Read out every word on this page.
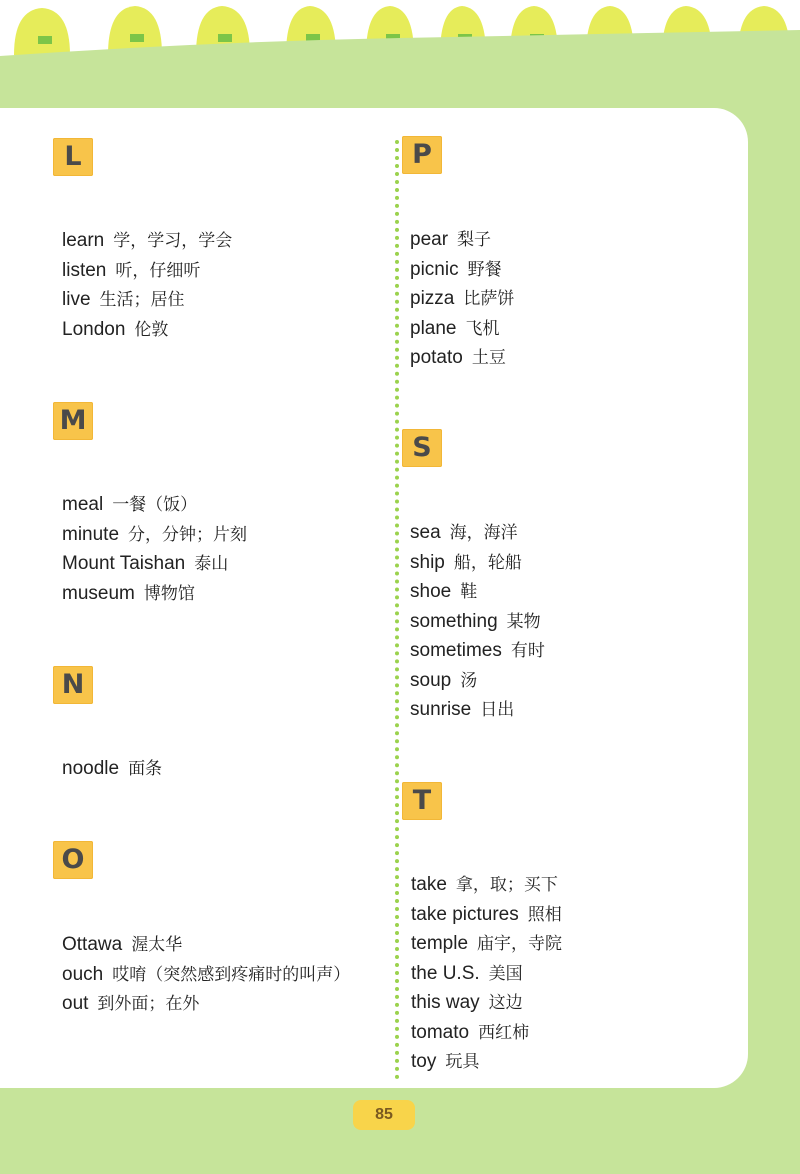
L
learn 学，学习，学会
listen 听，仔细听
live 生活；居住
London 伦敦
M
meal 一餐（饭）
minute 分，分钟；片刻
Mount Taishan 泰山
museum 博物馆
N
noodle 面条
O
Ottawa 渥太华
ouch 哎唷（突然感到疼痛时的叫声）
out 到外面；在外
P
pear 梨子
picnic 野餐
pizza 比萨饼
plane 飞机
potato 土豆
S
sea 海，海洋
ship 船，轮船
shoe 鞋
something 某物
sometimes 有时
soup 汤
sunrise 日出
T
take 拿，取；买下
take pictures 照相
temple 庙宇，寺院
the U.S. 美国
this way 这边
tomato 西红柿
toy 玩具
85
